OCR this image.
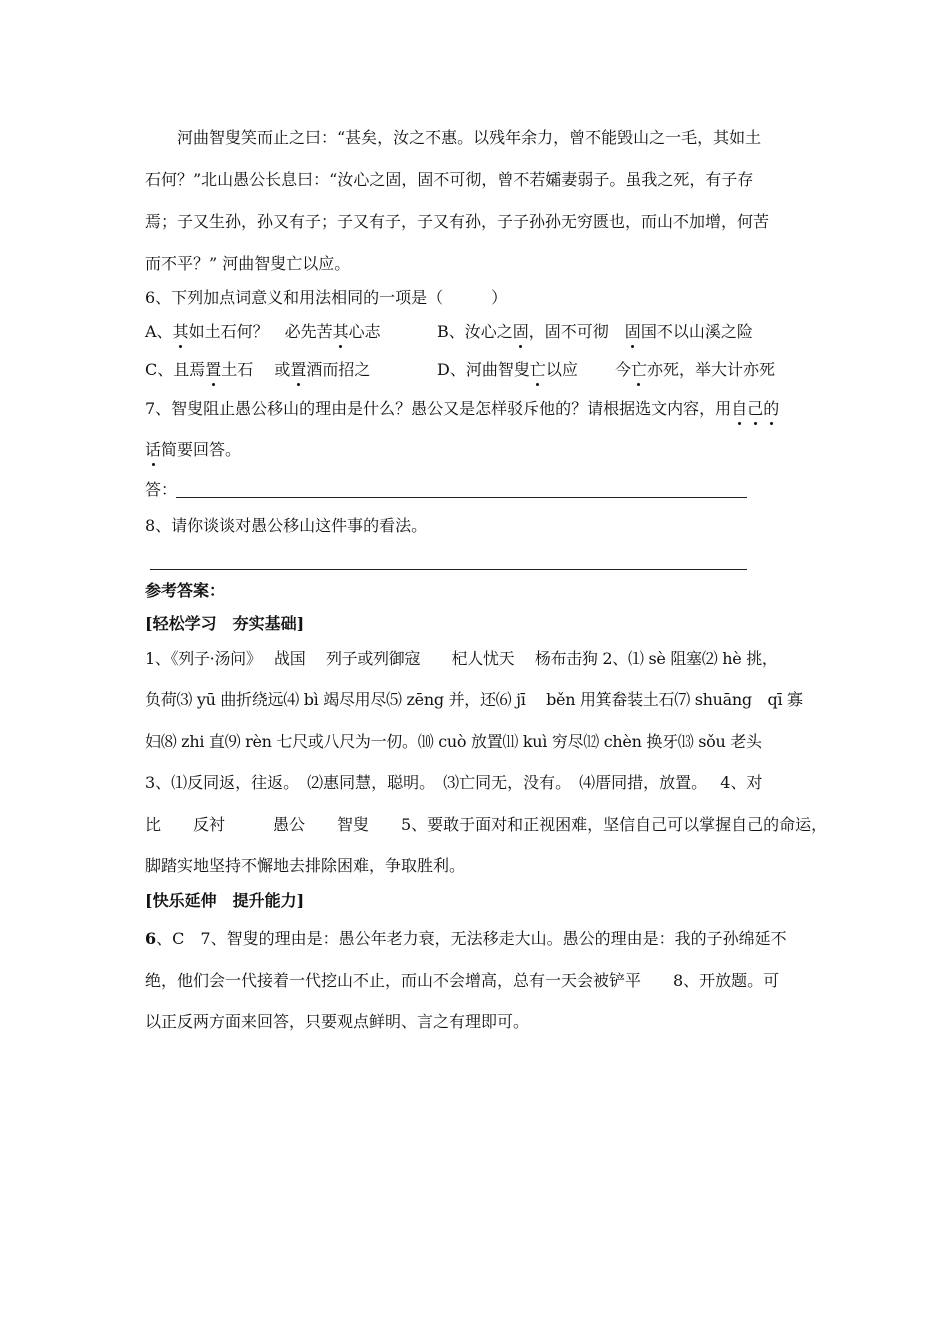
河曲智叟笑而止之曰：“甚矣，汝之不惠。以残年余力，曾不能毁山之一毛，其如土
石何？”北山愚公长息曰：“汝心之固，固不可彻，曾不若孀妻弱子。虽我之死，有子存
焉；子又生孙，孙又有子；子又有子，子又有孙，子子孙孙无穷匮也，而山不加增，何苦
而不平？” 河曲智叟亡以应。
6、下列加点词意义和用法相同的一项是（　　　）
A、其如土石何？　必先苦其心志	B、汝心之固，固不可彻　固国不以山溪之险
C、且焉置土石　 或置酒而招之	D、河曲智叟亡以应　　 今亡亦死，举大计亦死
7、智叟阻止愚公移山的理由是什么？愚公又是怎样驳斥他的？请根据选文内容，用自己的
话简要回答。
答：
8、请你谈谈对愚公移山这件事的看法。
参考答案：
[轻松学习　夯实基础]
1、《列子·汤问》　 战国　 列子或列御寇　　杞人忧天　 杨布击狗 2、⑴ sè 阻塞⑵ hè 挑，
负荷⑶ yū 曲折绕远⑷ bì 竭尽用尽⑸ zēng 并，还⑹ jī　 běn 用箕畚装土石⑺ shuāng　qī 寡
妇⑻ zhi 直⑼ rèn 七尺或八尺为一仞。⑽ cuò 放置⑾ kuì 穷尽⑿ chèn 换牙⒀ sǒu 老头
3、⑴反同返，往返。　⑵惠同慧，聪明。　⑶亡同无，没有。　⑷厝同措，放置。　 4、对
比　　反衬　　　愚公　　智叟　　5、要敢于面对和正视困难，坚信自己可以掌握自己的命运，
脚踏实地坚持不懈地去排除困难，争取胜利。
[快乐延伸　提升能力]
6、C　7、智叟的理由是：愚公年老力衰，无法移走大山。愚公的理由是：我的子孙绵延不
绝，他们会一代接着一代挖山不止，而山不会增高，总有一天会被铲平　　8、开放题。可
以正反两方面来回答，只要观点鲜明、言之有理即可。
